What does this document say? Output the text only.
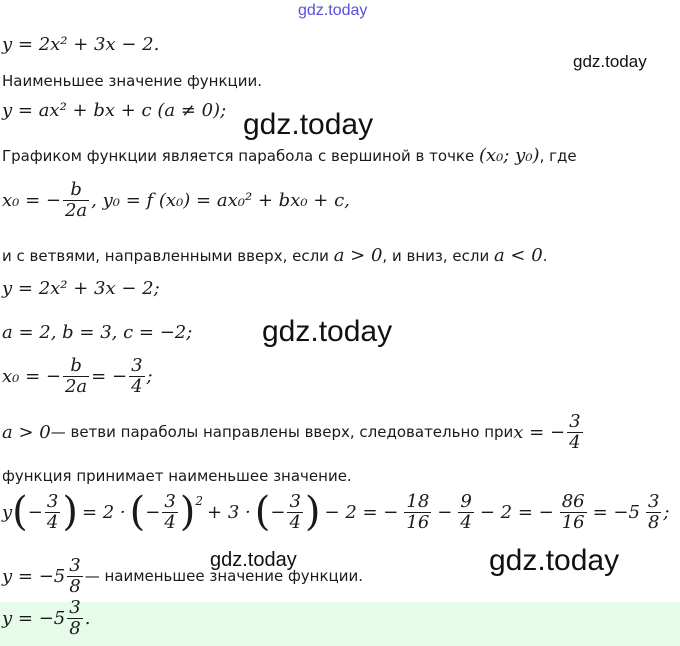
gdz.today
gdz.today
gdz.today
gdz.today
gdz.today	gdz.today
y = 2x² + 3x − 2.
Наименьшее значение функции.
y = ax² + bx + c (a ≠ 0);
Графиком функции является парабола с вершиной в точке (x₀; y₀), где
x₀ = − $\frac{b}{2a}$ , y₀ = f (x₀) = ax₀² + bx₀ + c,
и с ветвями, направленными вверх, если a > 0, и вниз, если a < 0.
y = 2x² + 3x − 2;
a = 2, b = 3, c = −2;
x₀ = − $\frac{b}{2a}$ = − $\frac{3}{4}$ ;
a > 0 — ветви параболы направлены вверх, следовательно при x = − $\frac{3}{4}$
функция принимает наименьшее значение.
y ( − $\frac{3}{4}$ ) = 2 · ( − $\frac{3}{4}$ ) 2
+ 3 · ( − $\frac{3}{4}$ ) − 2 = − $\frac{18}{16} - \frac{9}{4} - 2$ = − $\frac{86}{16} = -5 \frac{3}{8}$ ;
$y = -5 \frac{3}{8}$ — наименьшее значение функции.
$y = -5 \frac{3}{8}$ .
